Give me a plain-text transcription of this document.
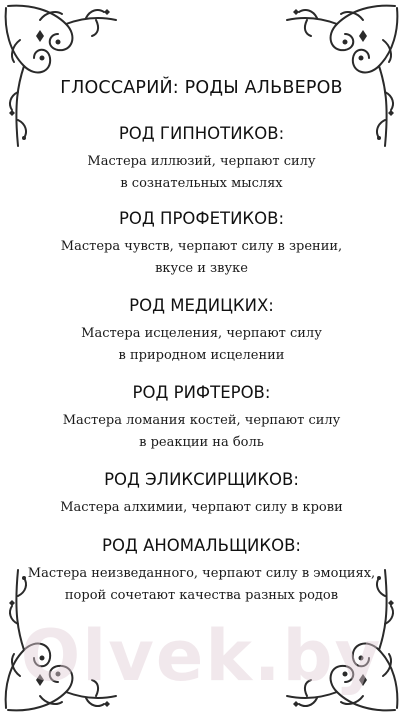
Olvek.by
ГЛОССАРИЙ: РОДЫ АЛЬВЕРОВ
РОД ГИПНОТИКОВ:
Мастера иллюзий, черпают силу
в сознательных мыслях
РОД ПРОФЕТИКОВ:
Мастера чувств, черпают силу в зрении,
вкусе и звуке
РОД МЕДИЦКИХ:
Мастера исцеления, черпают силу
в природном исцелении
РОД РИФТЕРОВ:
Мастера ломания костей, черпают силу
в реакции на боль
РОД ЭЛИКСИРЩИКОВ:
Мастера алхимии, черпают силу в крови
РОД АНОМАЛЬЩИКОВ:
Мастера неизведанного, черпают силу в эмоциях,
порой сочетают качества разных родов
